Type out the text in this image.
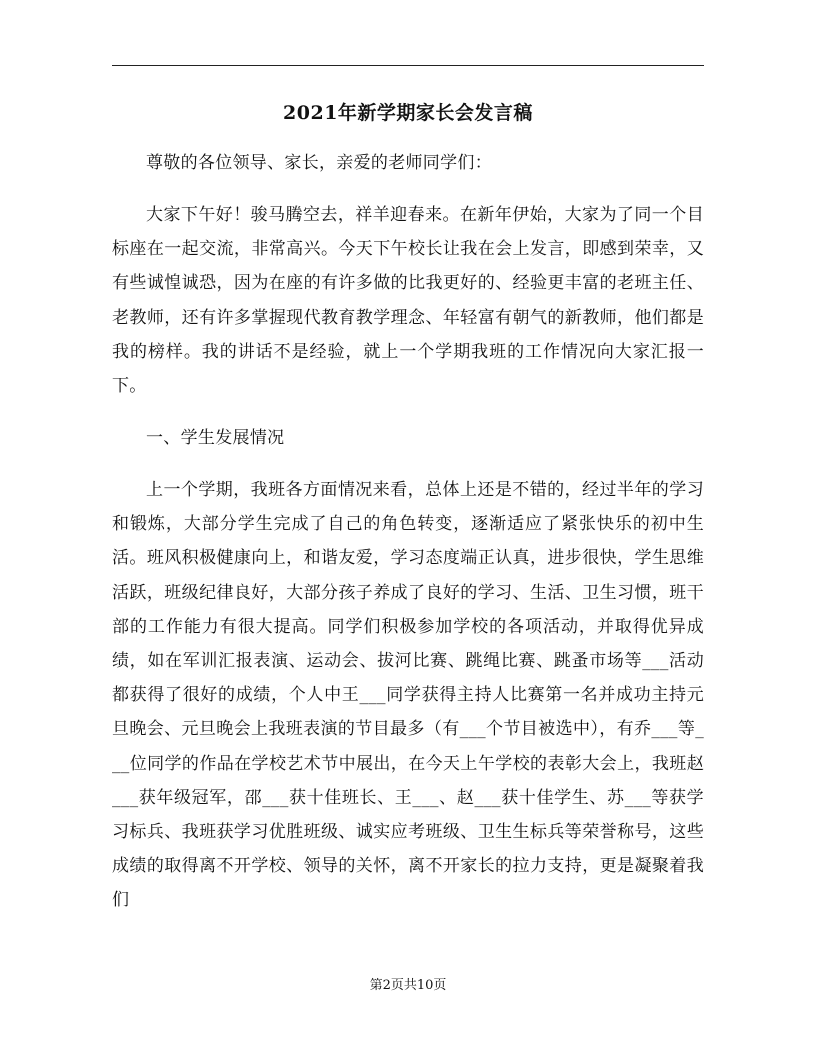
2021年新学期家长会发言稿

尊敬的各位领导、家长，亲爱的老师同学们：

大家下午好！骏马腾空去，祥羊迎春来。在新年伊始，大家为了同一个目标座在一起交流，非常高兴。今天下午校长让我在会上发言，即感到荣幸，又有些诚惶诚恐，因为在座的有许多做的比我更好的、经验更丰富的老班主任、老教师，还有许多掌握现代教育教学理念、年轻富有朝气的新教师，他们都是我的榜样。我的讲话不是经验，就上一个学期我班的工作情况向大家汇报一下。

一、学生发展情况

上一个学期，我班各方面情况来看，总体上还是不错的，经过半年的学习和锻炼，大部分学生完成了自己的角色转变，逐渐适应了紧张快乐的初中生活。班风积极健康向上，和谐友爱，学习态度端正认真，进步很快，学生思维活跃，班级纪律良好，大部分孩子养成了良好的学习、生活、卫生习惯，班干部的工作能力有很大提高。同学们积极参加学校的各项活动，并取得优异成绩，如在军训汇报表演、运动会、拔河比赛、跳绳比赛、跳蚤市场等___活动都获得了很好的成绩，个人中王___同学获得主持人比赛第一名并成功主持元旦晚会、元旦晚会上我班表演的节目最多（有___个节目被选中），有乔___等___位同学的作品在学校艺术节中展出，在今天上午学校的表彰大会上，我班赵___获年级冠军，邵___获十佳班长、王___、赵___获十佳学生、苏___等获学习标兵、我班获学习优胜班级、诚实应考班级、卫生生标兵等荣誉称号，这些成绩的取得离不开学校、领导的关怀，离不开家长的拉力支持，更是凝聚着我们

第2页共10页
